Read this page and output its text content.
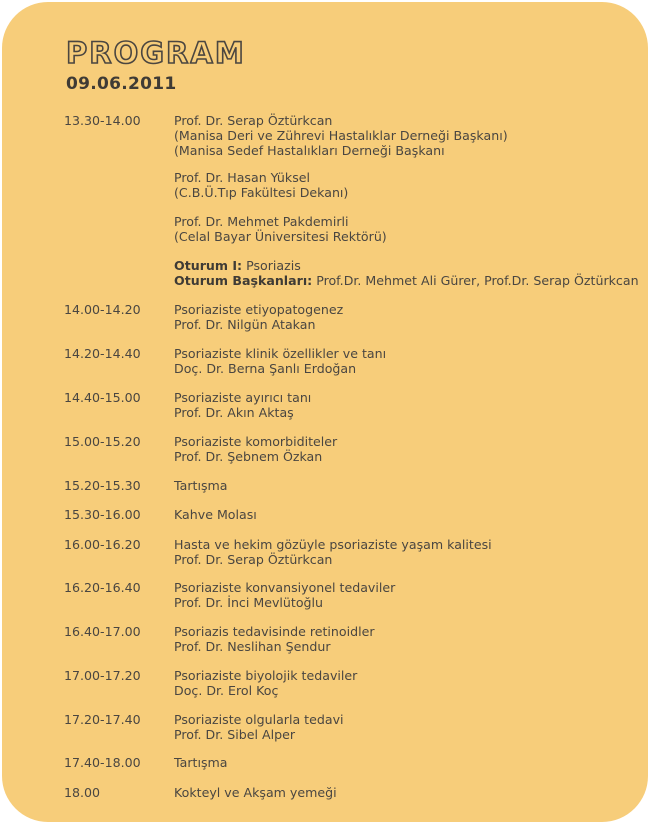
PROGRAM
09.06.2011
13.30-14.00	Prof. Dr. Serap Öztürkcan
(Manisa Deri ve Zührevi Hastalıklar Derneği Başkanı)
(Manisa Sedef Hastalıkları Derneği Başkanı
Prof. Dr. Hasan Yüksel
(C.B.Ü.Tıp Fakültesi Dekanı)
Prof. Dr. Mehmet Pakdemirli
(Celal Bayar Üniversitesi Rektörü)
Oturum I: Psoriazis
Oturum Başkanları: Prof.Dr. Mehmet Ali Gürer, Prof.Dr. Serap Öztürkcan
14.00-14.20	Psoriaziste etiyopatogenez
Prof. Dr. Nilgün Atakan
14.20-14.40	Psoriaziste klinik özellikler ve tanı
Doç. Dr. Berna Şanlı Erdoğan
14.40-15.00	Psoriaziste ayırıcı tanı
Prof. Dr. Akın Aktaş
15.00-15.20	Psoriaziste komorbiditeler
Prof. Dr. Şebnem Özkan
15.20-15.30	Tartışma
15.30-16.00	Kahve Molası
16.00-16.20	Hasta ve hekim gözüyle psoriaziste yaşam kalitesi
Prof. Dr. Serap Öztürkcan
16.20-16.40	Psoriaziste konvansiyonel tedaviler
Prof. Dr. İnci Mevlütoğlu
16.40-17.00	Psoriazis tedavisinde retinoidler
Prof. Dr. Neslihan Şendur
17.00-17.20	Psoriaziste biyolojik tedaviler
Doç. Dr. Erol Koç
17.20-17.40	Psoriaziste olgularla tedavi
Prof. Dr. Sibel Alper
17.40-18.00	Tartışma
18.00	Kokteyl ve Akşam yemeği
